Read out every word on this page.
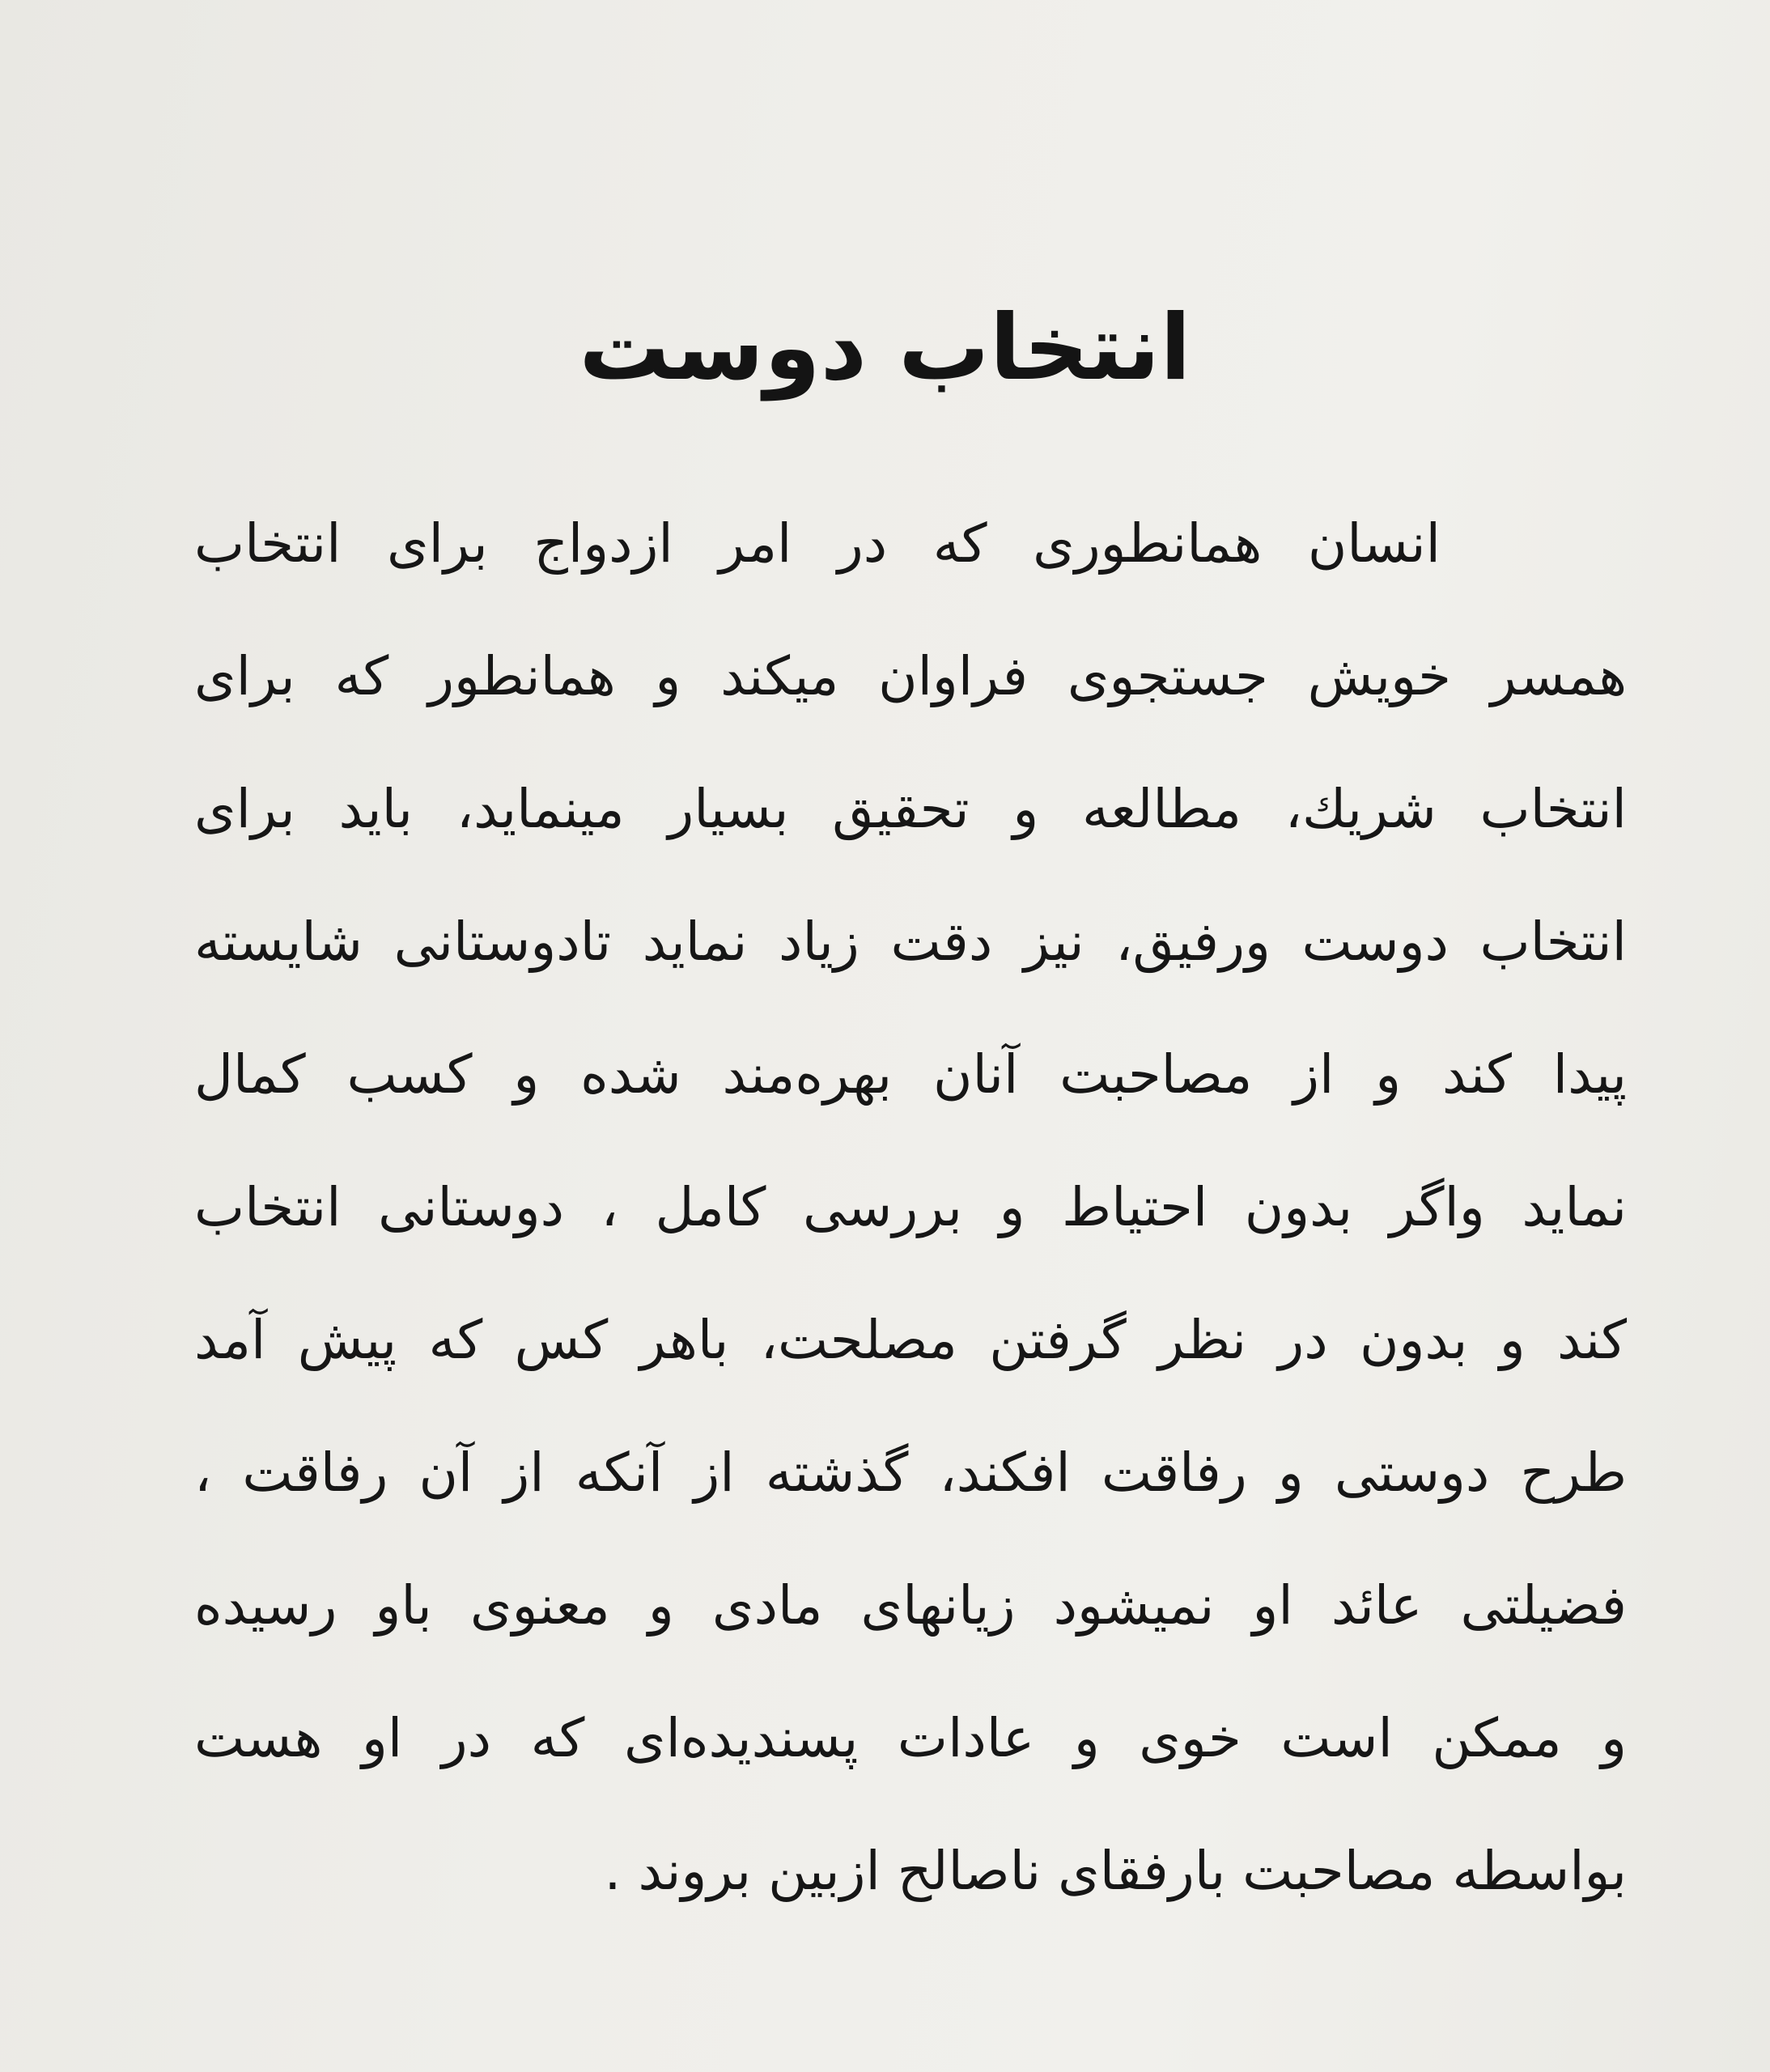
انتخاب دوست
انسان همانطوری که در امر ازدواج برای انتخاب
همسر خویش جستجوی فراوان میکند و همانطور که برای
انتخاب شریك، مطالعه و تحقیق بسیار مینماید، باید برای
انتخاب دوست ورفیق، نیز دقت زیاد نماید تادوستانی شایسته
پیدا کند و از مصاحبت آنان بهره‌مند شده و کسب کمال
نماید واگر بدون احتیاط و بررسی کامل ، دوستانی انتخاب
کند و بدون در نظر گرفتن مصلحت، باهر کس که پیش آمد
طرح دوستی و رفاقت افکند، گذشته از آنکه از آن رفاقت ،
فضیلتی عائد او نمیشود زیانهای مادی و معنوی باو رسیده
و ممکن است خوی و عادات پسندیده‌ای که در او هست
بواسطه مصاحبت بارفقای ناصالح ازبین بروند .
